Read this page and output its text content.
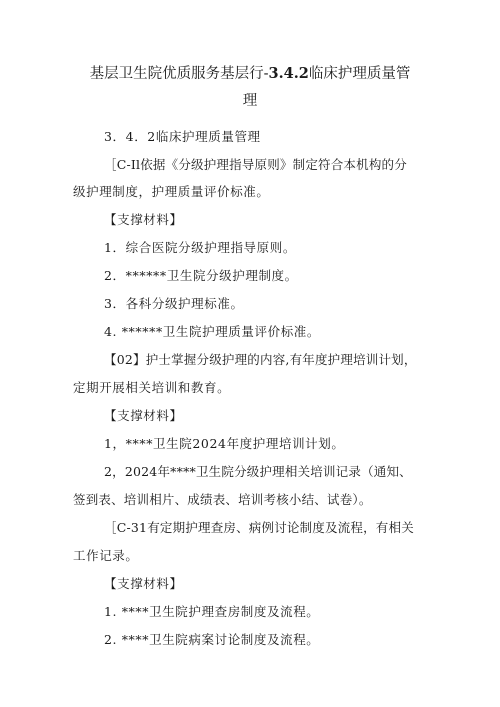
基层卫生院优质服务基层行-3.4.2临床护理质量管
理
3．4．2临床护理质量管理
［C-Il依据《分级护理指导原则》制定符合本机构的分
级护理制度，护理质量评价标准。
【支撑材料】
1．综合医院分级护理指导原则。
2．******卫生院分级护理制度。
3．各科分级护理标准。
4. ******卫生院护理质量评价标准。
【02】护士掌握分级护理的内容,有年度护理培训计划，
定期开展相关培训和教育。
【支撑材料】
1，****卫生院2024年度护理培训计划。
2，2024年****卫生院分级护理相关培训记录（通知、
签到表、培训相片、成绩表、培训考核小结、试卷）。
［C-31有定期护理查房、病例讨论制度及流程，有相关
工作记录。
【支撑材料】
1. ****卫生院护理查房制度及流程。
2. ****卫生院病案讨论制度及流程。
